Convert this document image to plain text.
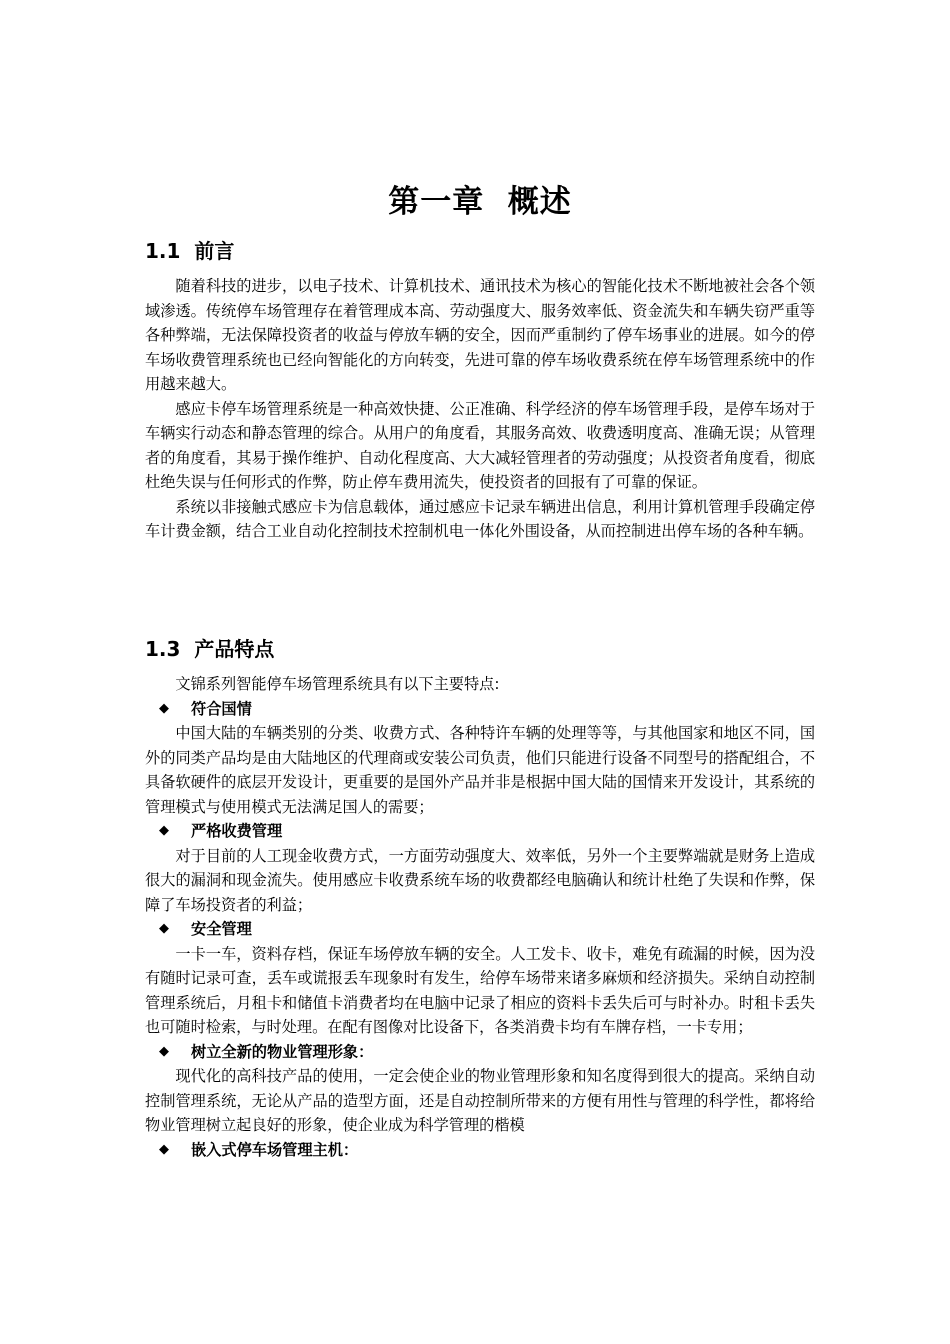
第一章  概述
1.1  前言

随着科技的进步，以电子技术、计算机技术、通讯技术为核心的智能化技术不断地被社会各个领域渗透。传统停车场管理存在着管理成本高、劳动强度大、服务效率低、资金流失和车辆失窃严重等各种弊端，无法保障投资者的收益与停放车辆的安全，因而严重制约了停车场事业的进展。如今的停车场收费管理系统也已经向智能化的方向转变，先进可靠的停车场收费系统在停车场管理系统中的作用越来越大。

感应卡停车场管理系统是一种高效快捷、公正准确、科学经济的停车场管理手段，是停车场对于车辆实行动态和静态管理的综合。从用户的角度看，其服务高效、收费透明度高、准确无误；从管理者的角度看，其易于操作维护、自动化程度高、大大减轻管理者的劳动强度；从投资者角度看，彻底杜绝失误与任何形式的作弊，防止停车费用流失，使投资者的回报有了可靠的保证。

系统以非接触式感应卡为信息载体，通过感应卡记录车辆进出信息，利用计算机管理手段确定停车计费金额，结合工业自动化控制技术控制机电一体化外围设备，从而控制进出停车场的各种车辆。

1.3  产品特点

文锦系列智能停车场管理系统具有以下主要特点:

◆	符合国情

中国大陆的车辆类别的分类、收费方式、各种特许车辆的处理等等，与其他国家和地区不同，国外的同类产品均是由大陆地区的代理商或安装公司负责，他们只能进行设备不同型号的搭配组合，不具备软硬件的底层开发设计，更重要的是国外产品并非是根据中国大陆的国情来开发设计，其系统的管理模式与使用模式无法满足国人的需要；

◆	严格收费管理

对于目前的人工现金收费方式，一方面劳动强度大、效率低，另外一个主要弊端就是财务上造成很大的漏洞和现金流失。使用感应卡收费系统车场的收费都经电脑确认和统计杜绝了失误和作弊，保障了车场投资者的利益；

◆	安全管理

一卡一车，资料存档，保证车场停放车辆的安全。人工发卡、收卡，难免有疏漏的时候，因为没有随时记录可查，丢车或谎报丢车现象时有发生，给停车场带来诸多麻烦和经济损失。采纳自动控制管理系统后，月租卡和储值卡消费者均在电脑中记录了相应的资料卡丢失后可与时补办。时租卡丢失也可随时检索，与时处理。在配有图像对比设备下，各类消费卡均有车牌存档，一卡专用；

◆	树立全新的物业管理形象：

现代化的高科技产品的使用，一定会使企业的物业管理形象和知名度得到很大的提高。采纳自动控制管理系统，无论从产品的造型方面，还是自动控制所带来的方便有用性与管理的科学性，都将给物业管理树立起良好的形象，使企业成为科学管理的楷模

◆	嵌入式停车场管理主机：
